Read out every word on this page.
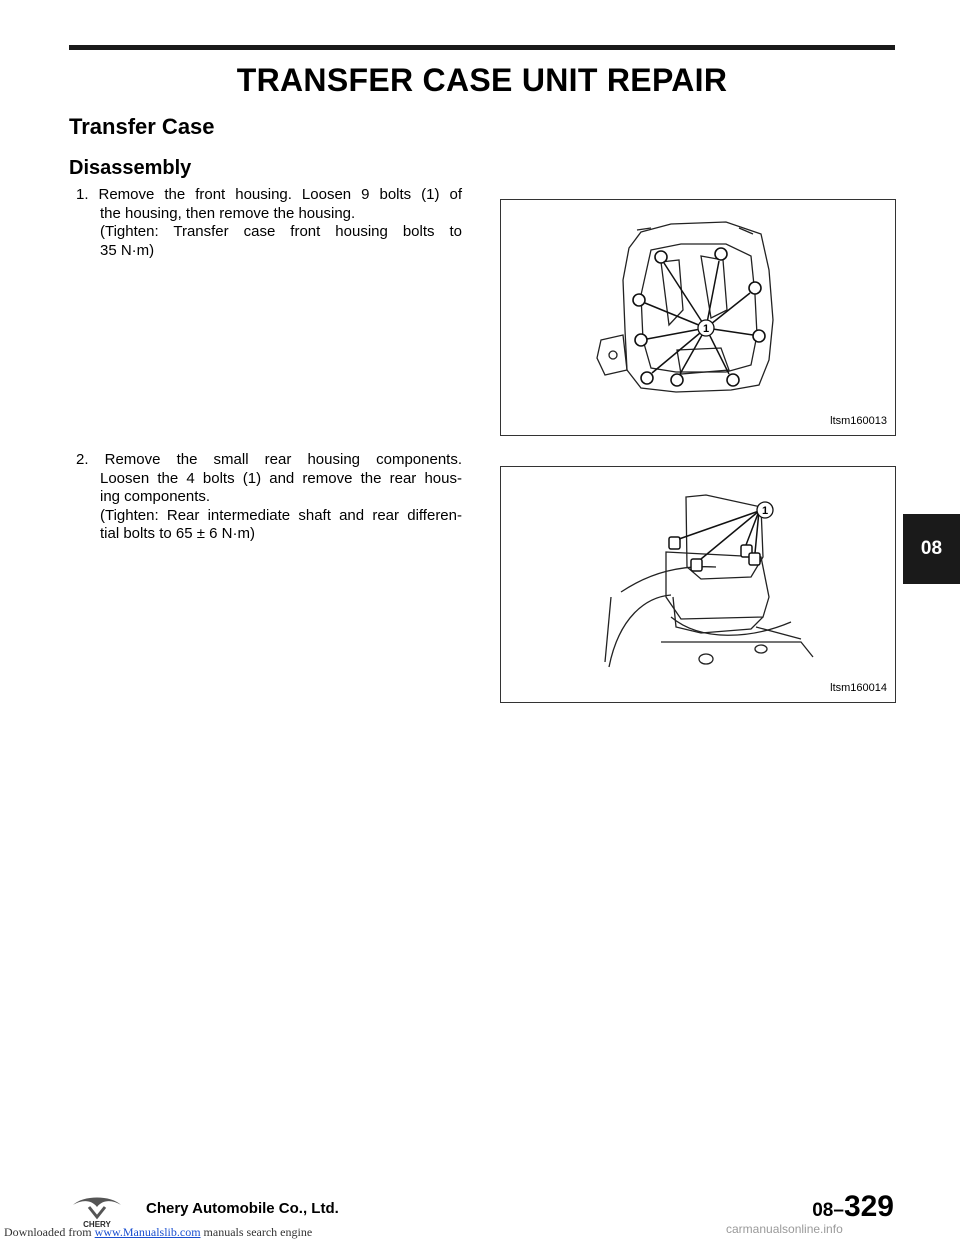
TRANSFER CASE UNIT REPAIR
Transfer Case
Disassembly
1. Remove the front housing. Loosen 9 bolts (1) of
the housing, then remove the housing.
(Tighten: Transfer case front housing bolts to
35 N·m)
2. Remove the small rear housing components.
Loosen the 4 bolts (1) and remove the rear hous-
ing components.
(Tighten: Rear intermediate shaft and rear differen-
tial bolts to 65 ± 6 N·m)
1
ltsm160013
1
ltsm160014
08
CHERY
Chery Automobile Co., Ltd.	08–329
Downloaded from www.Manualslib.com manuals search engine	carmanualsonline.info
